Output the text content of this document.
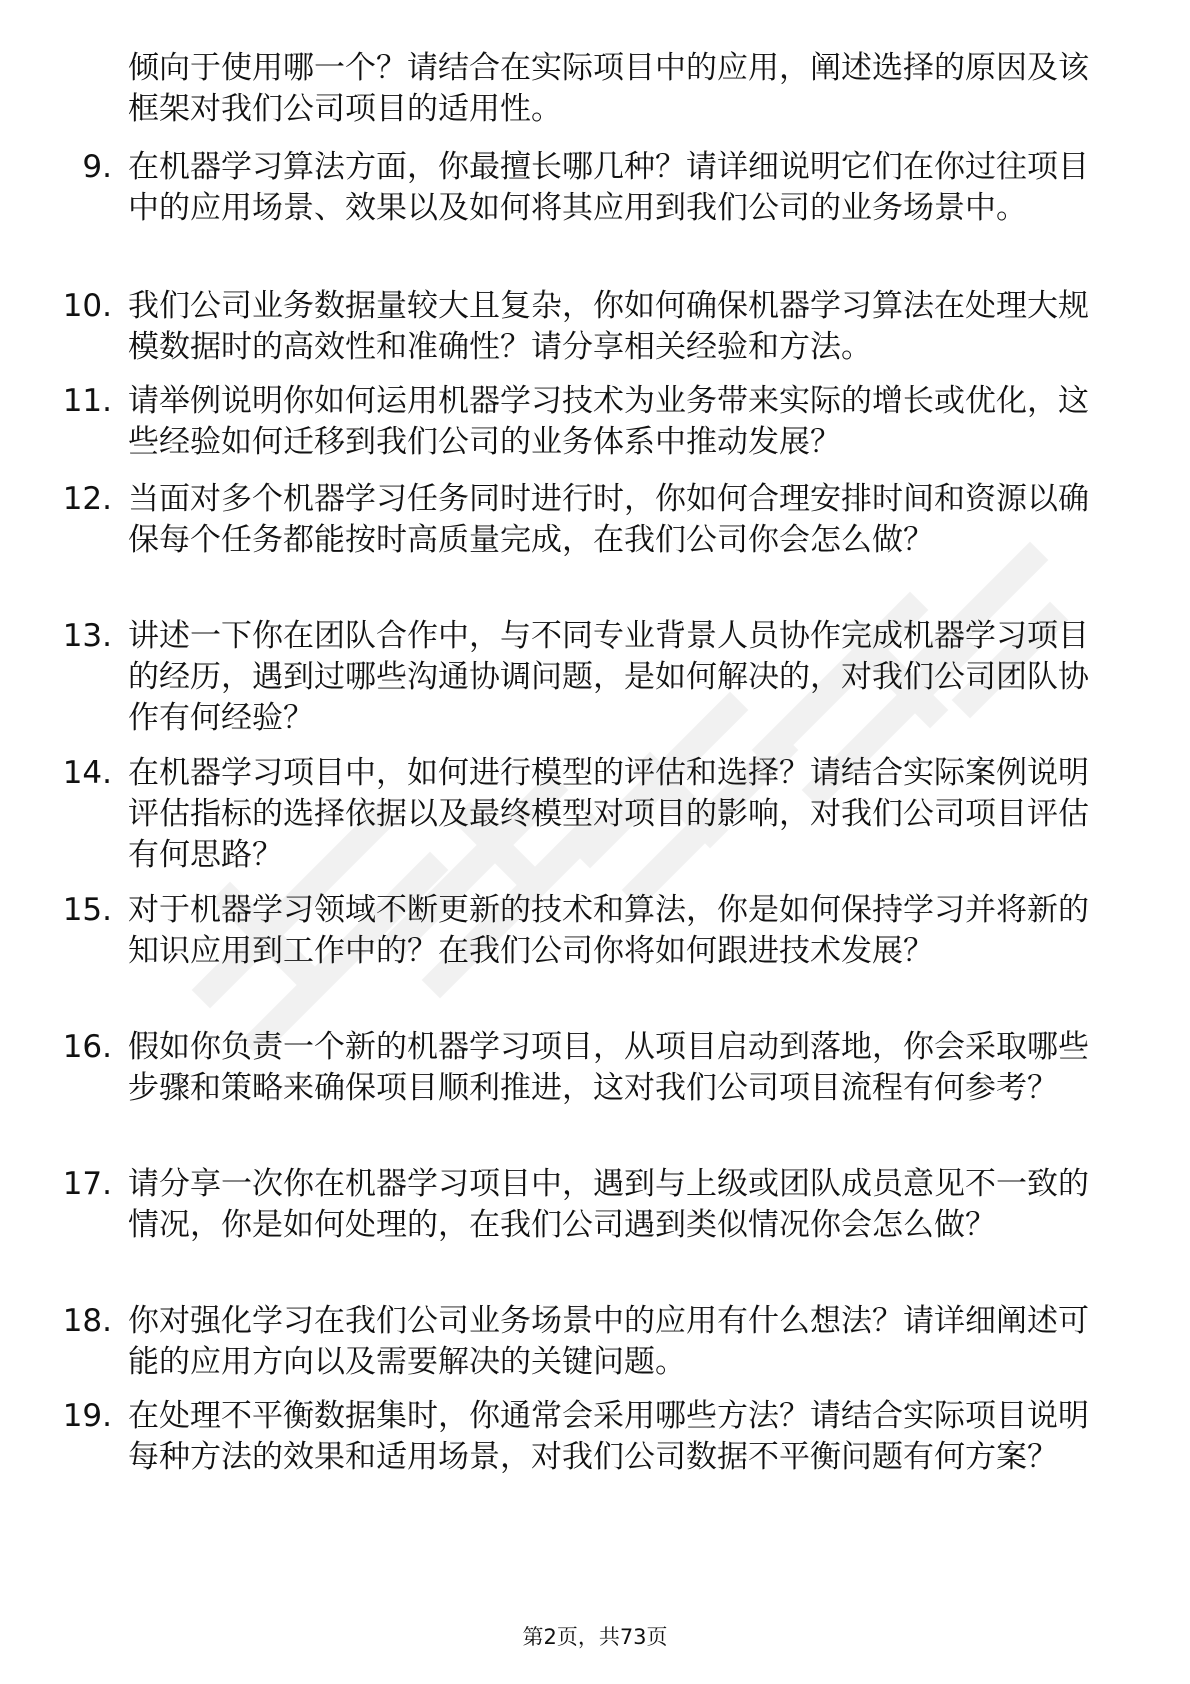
倾向于使用哪一个？请结合在实际项目中的应用，阐述选择的原因及该框架对我们公司项目的适用性。
9. 在机器学习算法方面，你最擅长哪几种？请详细说明它们在你过往项目中的应用场景、效果以及如何将其应用到我们公司的业务场景中。
10. 我们公司业务数据量较大且复杂，你如何确保机器学习算法在处理大规模数据时的高效性和准确性？请分享相关经验和方法。
11. 请举例说明你如何运用机器学习技术为业务带来实际的增长或优化，这些经验如何迁移到我们公司的业务体系中推动发展？
12. 当面对多个机器学习任务同时进行时，你如何合理安排时间和资源以确保每个任务都能按时高质量完成，在我们公司你会怎么做？
13. 讲述一下你在团队合作中，与不同专业背景人员协作完成机器学习项目的经历，遇到过哪些沟通协调问题，是如何解决的，对我们公司团队协作有何经验？
14. 在机器学习项目中，如何进行模型的评估和选择？请结合实际案例说明评估指标的选择依据以及最终模型对项目的影响，对我们公司项目评估有何思路？
15. 对于机器学习领域不断更新的技术和算法，你是如何保持学习并将新的知识应用到工作中的？在我们公司你将如何跟进技术发展？
16. 假如你负责一个新的机器学习项目，从项目启动到落地，你会采取哪些步骤和策略来确保项目顺利推进，这对我们公司项目流程有何参考？
17. 请分享一次你在机器学习项目中，遇到与上级或团队成员意见不一致的情况，你是如何处理的，在我们公司遇到类似情况你会怎么做？
18. 你对强化学习在我们公司业务场景中的应用有什么想法？请详细阐述可能的应用方向以及需要解决的关键问题。
19. 在处理不平衡数据集时，你通常会采用哪些方法？请结合实际项目说明每种方法的效果和适用场景，对我们公司数据不平衡问题有何方案？
第2页，共73页
